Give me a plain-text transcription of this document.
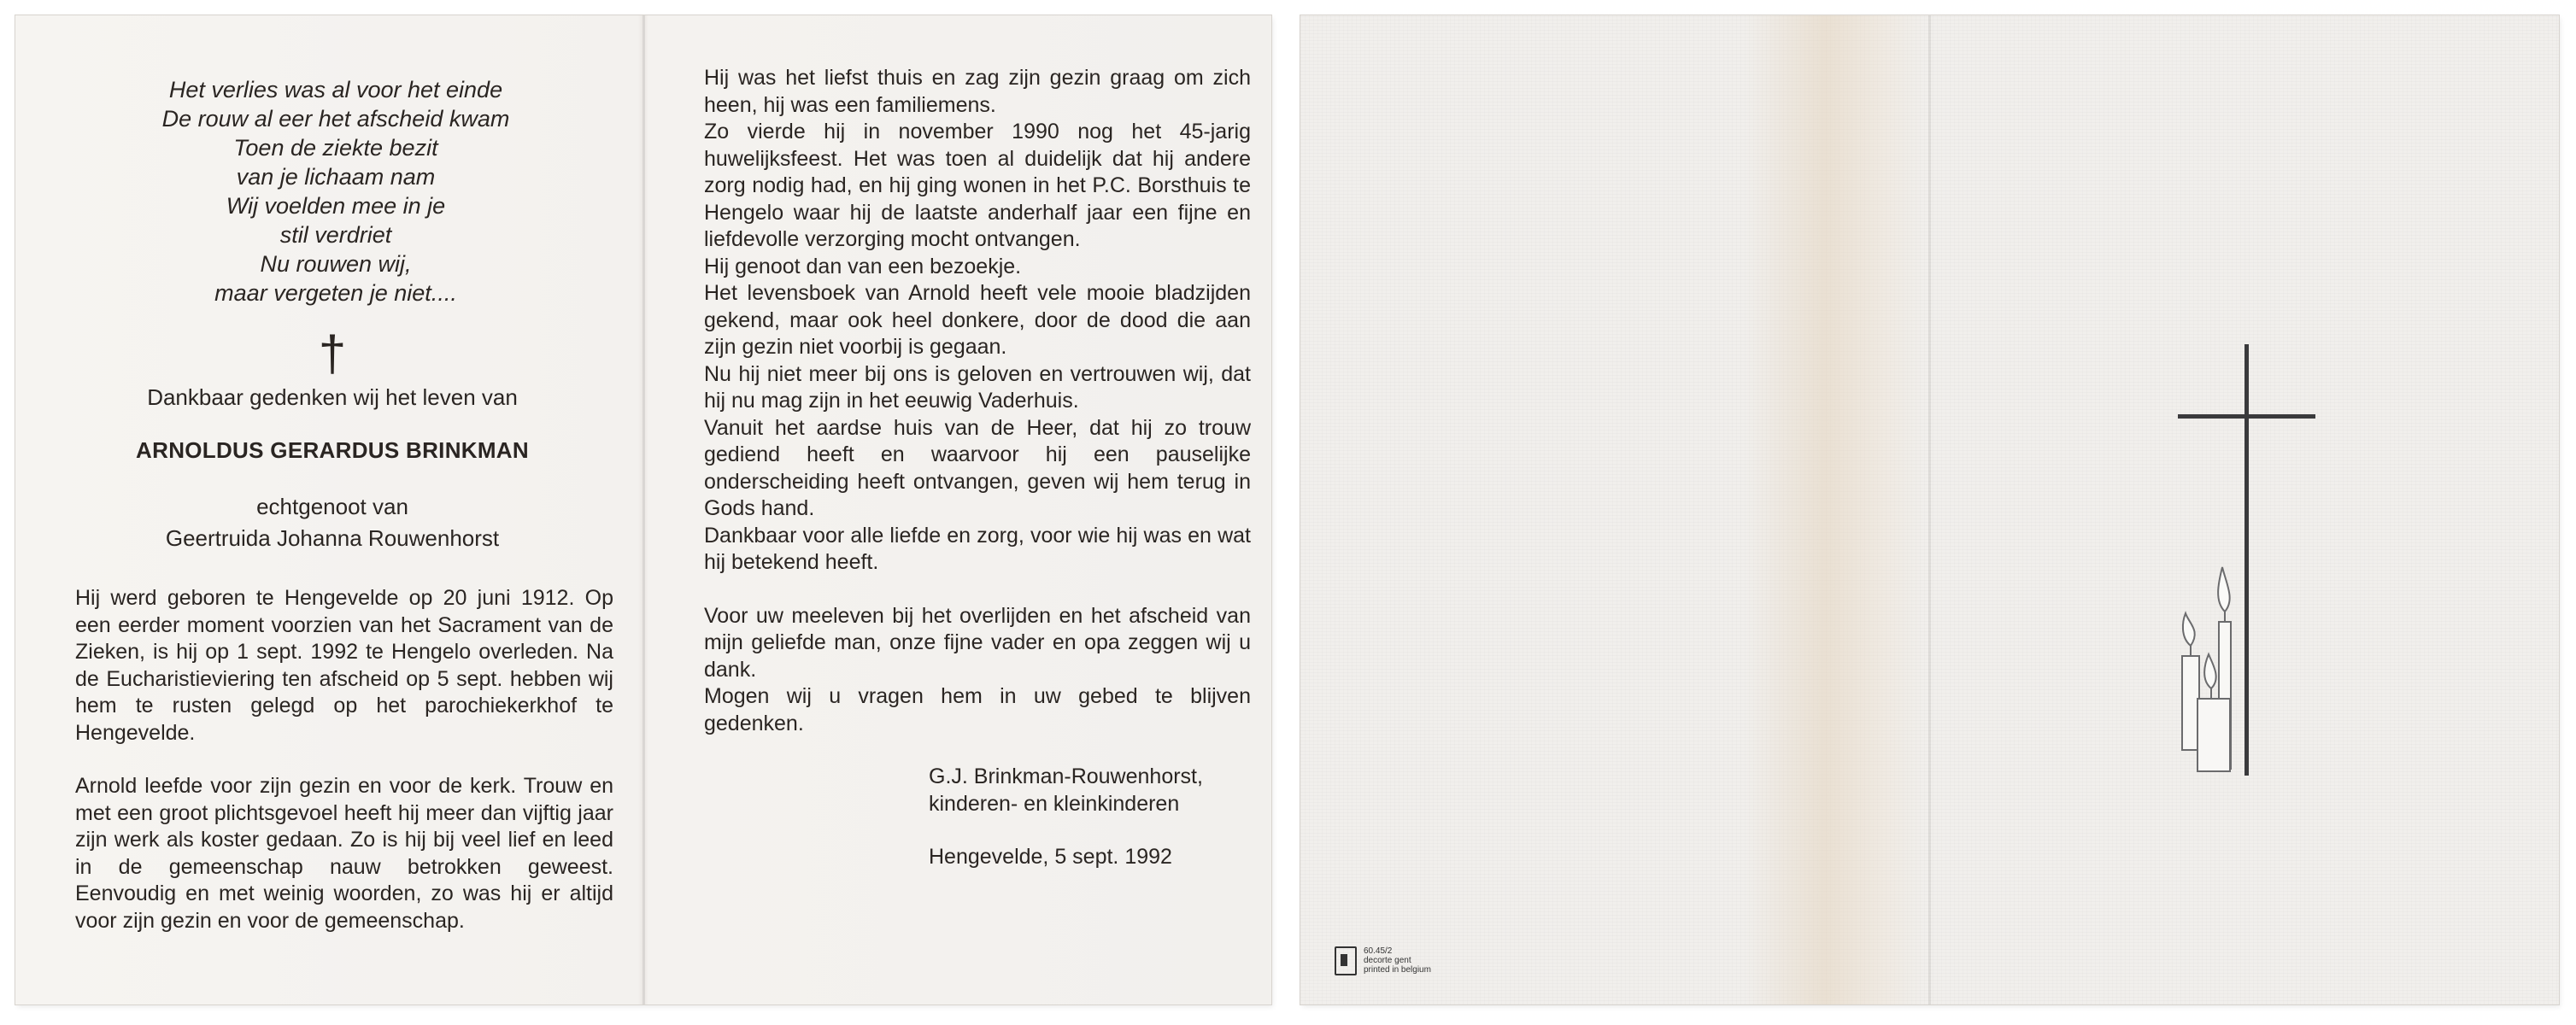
Het verlies was al voor het einde
De rouw al eer het afscheid kwam
Toen de ziekte bezit
van je lichaam nam
Wij voelden mee in je
stil verdriet
Nu rouwen wij,
maar vergeten je niet....
†
Dankbaar gedenken wij het leven van
ARNOLDUS GERARDUS BRINKMAN
echtgenoot van
Geertruida Johanna Rouwenhorst
Hij werd geboren te Hengevelde op 20 juni 1912. Op een eerder moment voorzien van het Sacrament van de Zieken, is hij op 1 sept. 1992 te Hengelo overleden. Na de Eucharistieviering ten afscheid op 5 sept. hebben wij hem te rusten gelegd op het parochiekerkhof te Hengevelde.
Arnold leefde voor zijn gezin en voor de kerk. Trouw en met een groot plichtsgevoel heeft hij meer dan vijftig jaar zijn werk als koster gedaan. Zo is hij bij veel lief en leed in de gemeenschap nauw betrokken geweest. Eenvoudig en met weinig woorden, zo was hij er altijd voor zijn gezin en voor de gemeenschap.
Hij was het liefst thuis en zag zijn gezin graag om zich heen, hij was een familiemens.
Zo vierde hij in november 1990 nog het 45-jarig huwelijksfeest. Het was toen al duidelijk dat hij andere zorg nodig had, en hij ging wonen in het P.C. Borsthuis te Hengelo waar hij de laatste anderhalf jaar een fijne en liefdevolle verzorging mocht ontvangen.
Hij genoot dan van een bezoekje.
Het levensboek van Arnold heeft vele mooie bladzijden gekend, maar ook heel donkere, door de dood die aan zijn gezin niet voorbij is gegaan.
Nu hij niet meer bij ons is geloven en vertrouwen wij, dat hij nu mag zijn in het eeuwig Vaderhuis.
Vanuit het aardse huis van de Heer, dat hij zo trouw gediend heeft en waarvoor hij een pauselijke onderscheiding heeft ontvangen, geven wij hem terug in Gods hand.
Dankbaar voor alle liefde en zorg, voor wie hij was en wat hij betekend heeft.
Voor uw meeleven bij het overlijden en het afscheid van mijn geliefde man, onze fijne vader en opa zeggen wij u dank.
Mogen wij u vragen hem in uw gebed te blijven gedenken.
G.J. Brinkman-Rouwenhorst,
kinderen- en kleinkinderen
Hengevelde, 5 sept. 1992
60.45/2
decorte gent
printed in belgium
